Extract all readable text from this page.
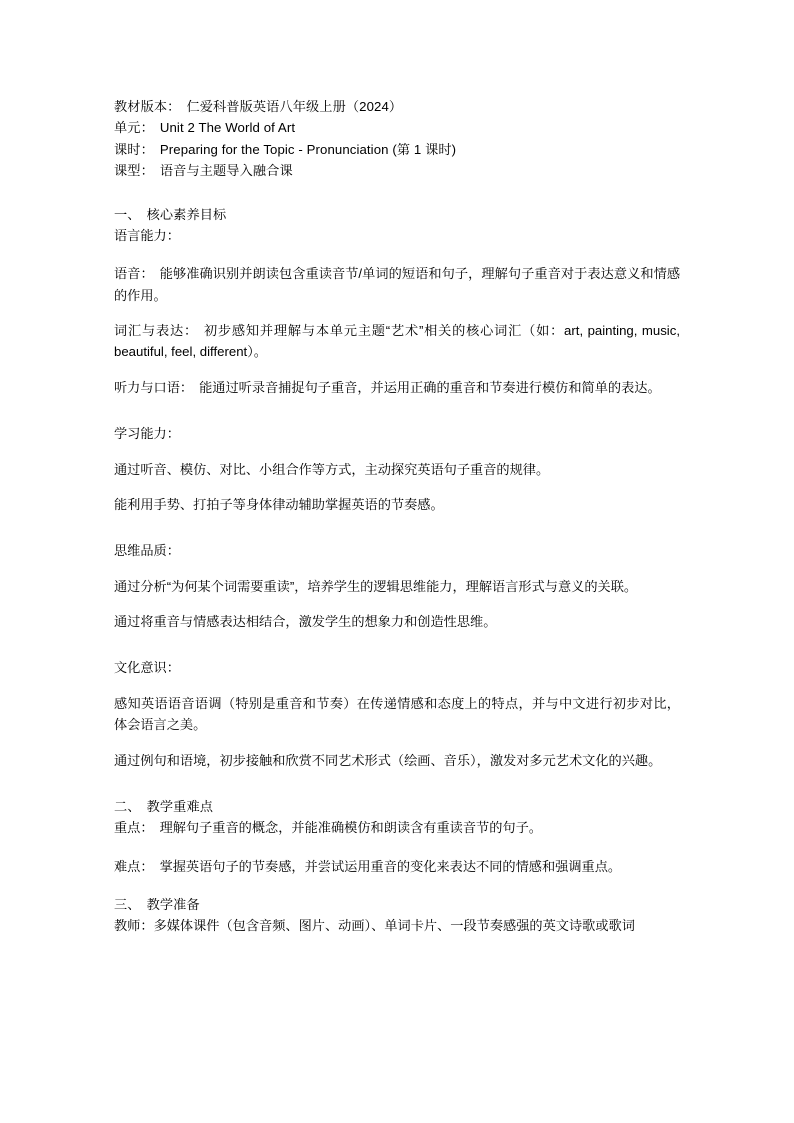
教材版本： 仁爱科普版英语八年级上册（2024）
单元： Unit 2 The World of Art
课时： Preparing for the Topic - Pronunciation (第 1 课时)
课型： 语音与主题导入融合课
一、 核心素养目标
语言能力：

语音： 能够准确识别并朗读包含重读音节/单词的短语和句子，理解句子重音对于表达意义和情感的作用。

词汇与表达： 初步感知并理解与本单元主题“艺术”相关的核心词汇（如：art, painting, music, beautiful, feel, different）。

听力与口语： 能通过听录音捕捉句子重音，并运用正确的重音和节奏进行模仿和简单的表达。

学习能力：

通过听音、模仿、对比、小组合作等方式，主动探究英语句子重音的规律。

能利用手势、打拍子等身体律动辅助掌握英语的节奏感。

思维品质：

通过分析“为何某个词需要重读”，培养学生的逻辑思维能力，理解语言形式与意义的关联。

通过将重音与情感表达相结合，激发学生的想象力和创造性思维。

文化意识：

感知英语语音语调（特别是重音和节奏）在传递情感和态度上的特点，并与中文进行初步对比，体会语言之美。

通过例句和语境，初步接触和欣赏不同艺术形式（绘画、音乐），激发对多元艺术文化的兴趣。

二、 教学重难点

重点： 理解句子重音的概念，并能准确模仿和朗读含有重读音节的句子。

难点： 掌握英语句子的节奏感，并尝试运用重音的变化来表达不同的情感和强调重点。

三、 教学准备

教师：多媒体课件（包含音频、图片、动画）、单词卡片、一段节奏感强的英文诗歌或歌词
